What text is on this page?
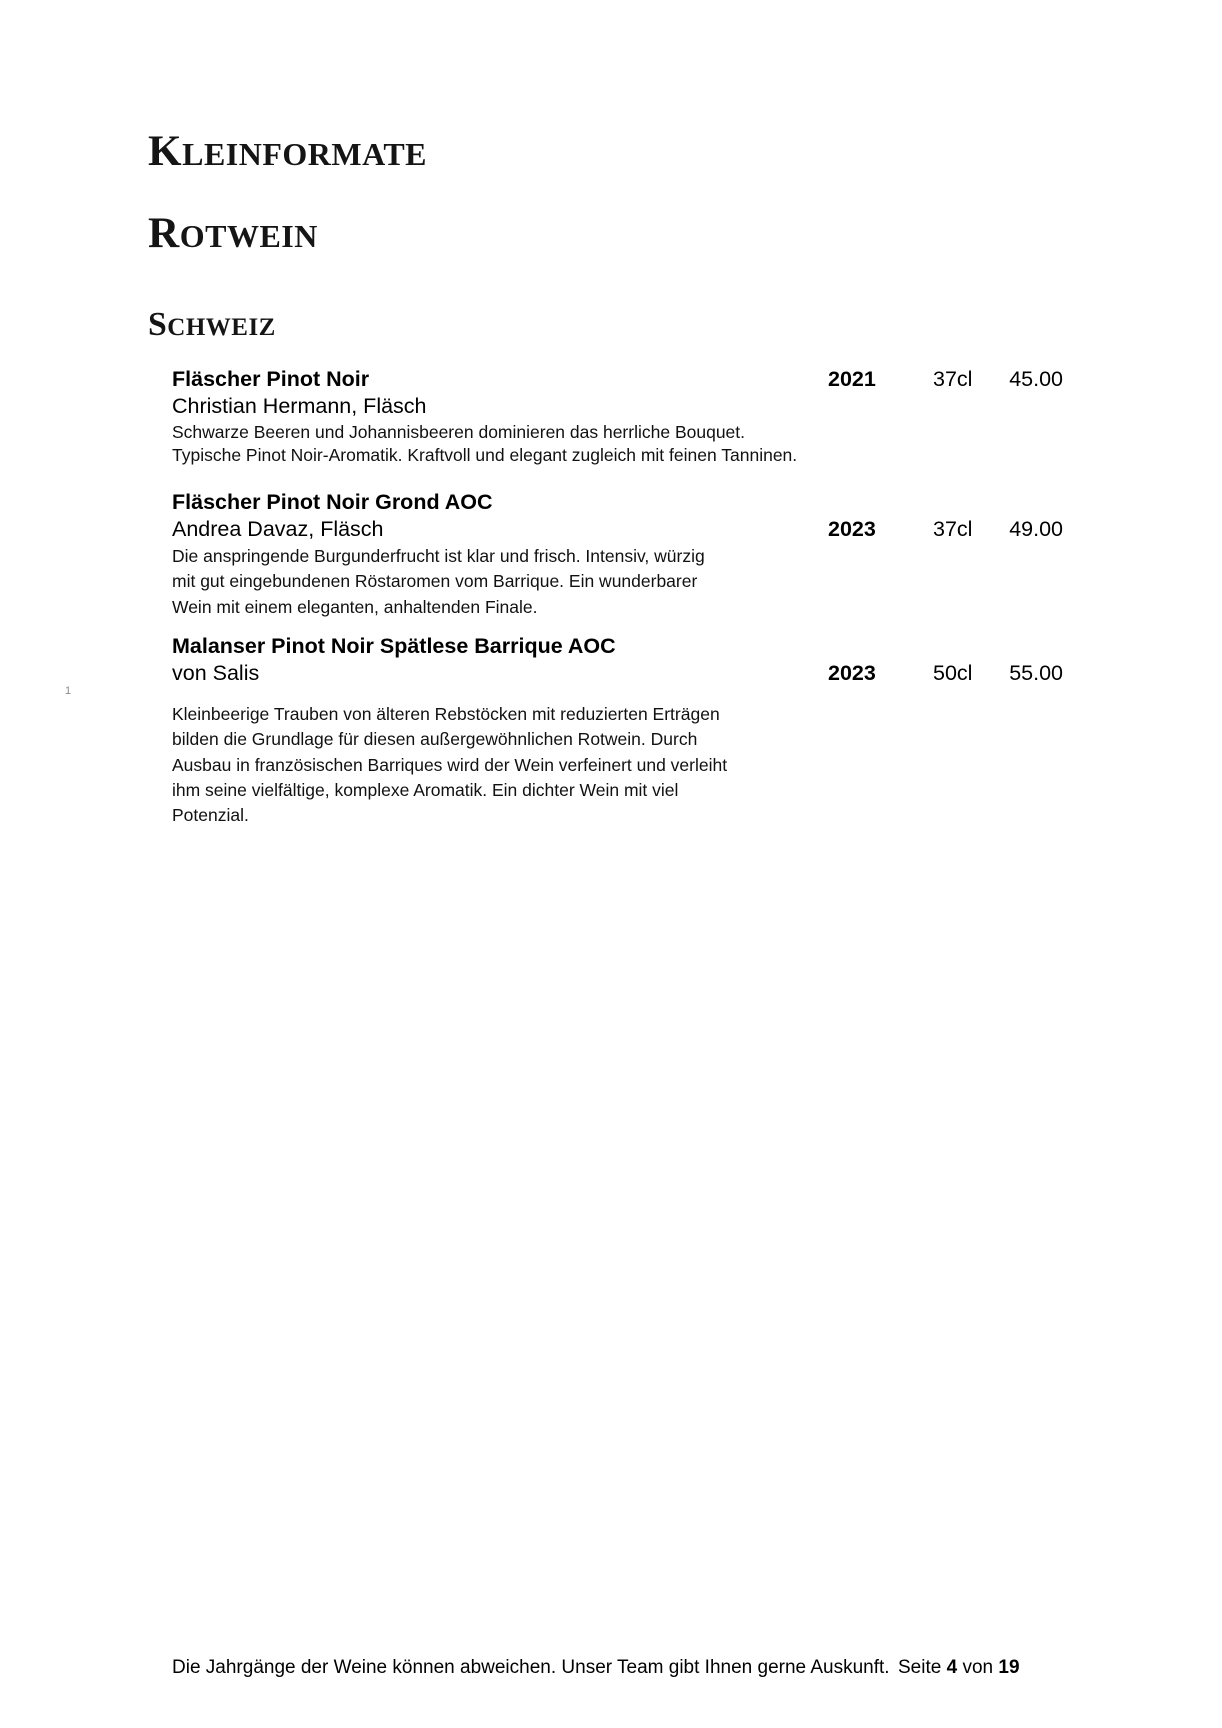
KLEINFORMATE
ROTWEIN
SCHWEIZ
Fläscher Pinot Noir	2021	37cl 45.00
Christian Hermann, Fläsch
Schwarze Beeren und Johannisbeeren dominieren das herrliche Bouquet.
Typische Pinot Noir-Aromatik. Kraftvoll und elegant zugleich mit feinen Tanninen.
Fläscher Pinot Noir Grond AOC
Andrea Davaz, Fläsch	2023	37cl 49.00
Die anspringende Burgunderfrucht ist klar und frisch. Intensiv, würzig
mit gut eingebundenen Röstaromen vom Barrique. Ein wunderbarer
Wein mit einem eleganten, anhaltenden Finale.
Malanser Pinot Noir Spätlese Barrique AOC
von Salis	2023	50cl 55.00
Kleinbeerige Trauben von älteren Rebstöcken mit reduzierten Erträgen
bilden die Grundlage für diesen außergewöhnlichen Rotwein. Durch
Ausbau in französischen Barriques wird der Wein verfeinert und verleiht
ihm seine vielfältige, komplexe Aromatik. Ein dichter Wein mit viel
Potenzial.
1
Die Jahrgänge der Weine können abweichen. Unser Team gibt Ihnen gerne Auskunft. Seite 4 von 19
